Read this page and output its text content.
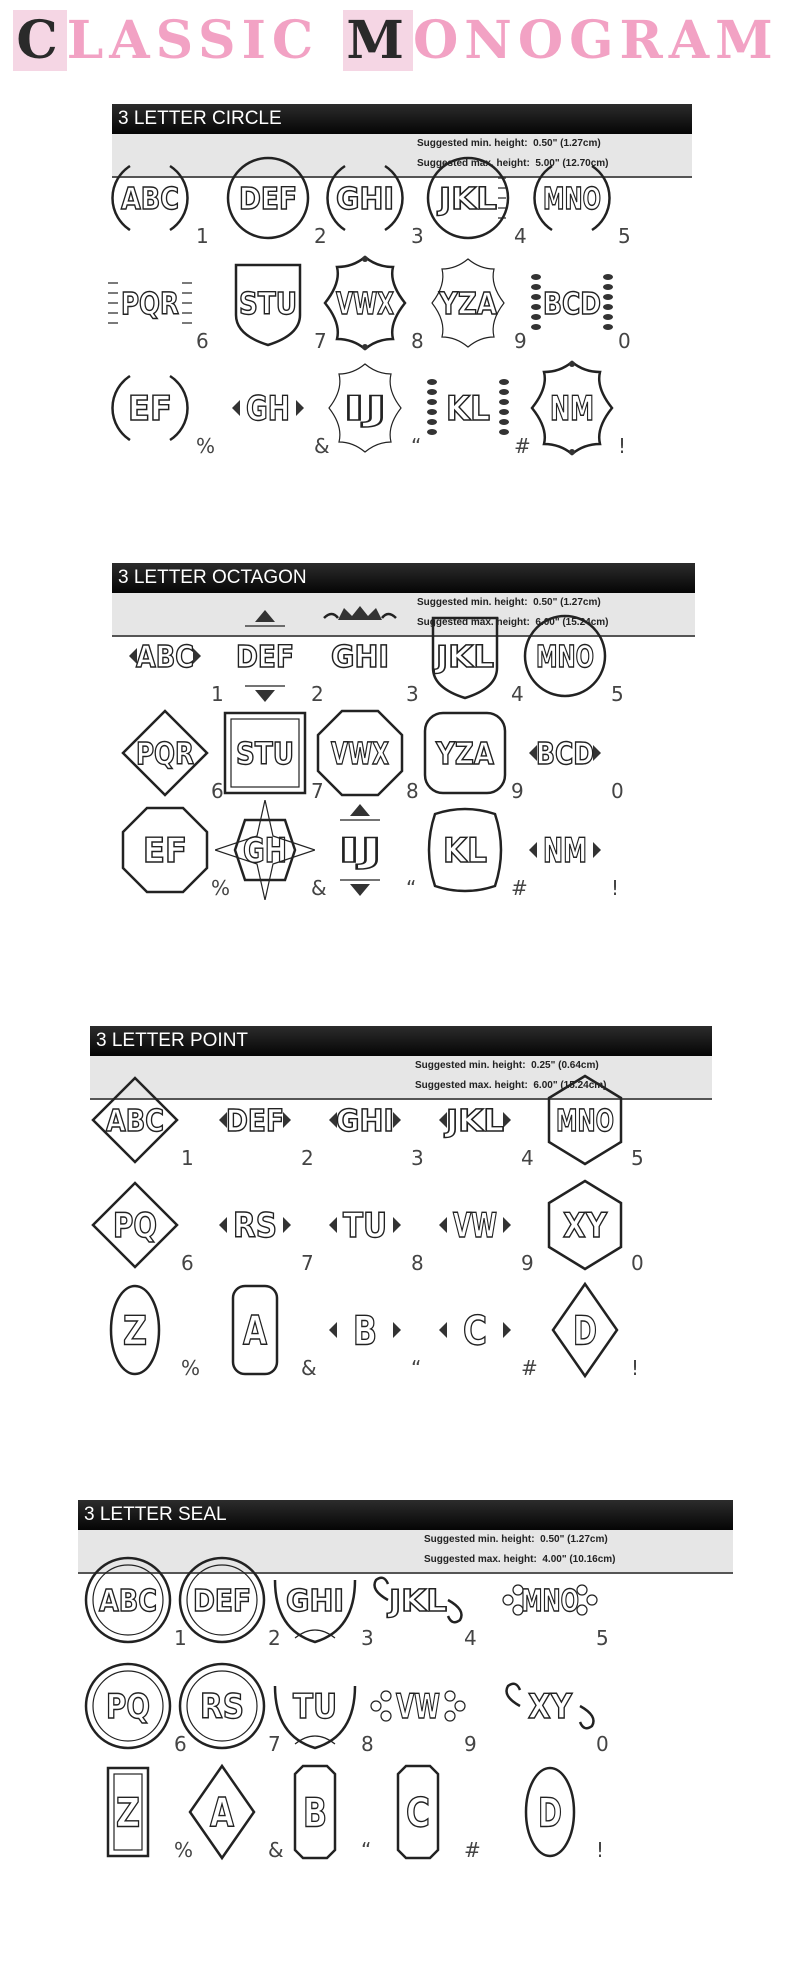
CLASSIC MONOGRAM
3 LETTER CIRCLE
Suggested min. height: 0.50" (1.27cm)
Suggested max. height: 5.00" (12.70cm)
3 LETTER OCTAGON
Suggested min. height: 0.50" (1.27cm)
Suggested max. height: 6.00" (15.24cm)
3 LETTER POINT
Suggested min. height: 0.25" (0.64cm)
Suggested max. height: 6.00" (15.24cm)
3 LETTER SEAL
Suggested min. height: 0.50" (1.27cm)
Suggested max. height: 4.00" (10.16cm)
ABC
1
DEF
2
GHI
3
JKL
4
MNO
5
PQR
6
STU
7
VWX
8
YZA
9
BCD
0
EF
%
GH
&
IJ
“
KL
#
NM
!
ABC
1
DEF
2
GHI
3
JKL
4
MNO
5
PQR
6
STU
7
VWX
8
YZA
9
BCD
0
EF
%
GH
&
IJ
“
KL
#
NM
!
ABC
1
DEF
2
GHI
3
JKL
4
MNO
5
PQ
6
RS
7
TU
8
VW
9
XY
0
Z
%
A
&
B
“
C
#
D
!
ABC
1
DEF
2
GHI
3
JKL
4
MNO
5
PQ
6
RS
7
TU
8
VW
9
XY
0
Z
%
A
&
B
“
C
#
D
!
